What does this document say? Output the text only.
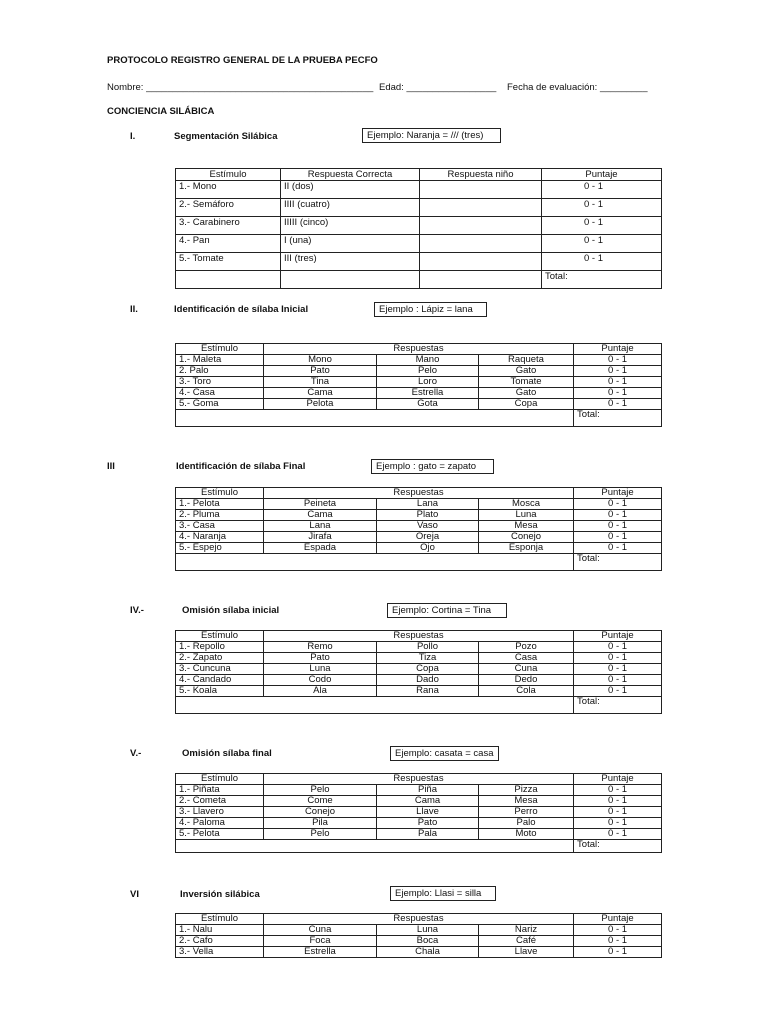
PROTOCOLO REGISTRO GENERAL DE LA PRUEBA PECFO
Nombre: ___________________________________________ Edad: _________________ Fecha de evaluación: _________
CONCIENCIA SILÁBICA
I.	Segmentación Silábica	Ejemplo: Naranja = /// (tres)
Estímulo	Respuesta Correcta	Respuesta niño	Puntaje
1.- Mono	II (dos)		0 - 1
2.- Semáforo	IIII (cuatro)		0 - 1
3.- Carabinero	IIIII (cinco)		0 - 1
4.- Pan	I (una)		0 - 1
5.- Tomate	III (tres)		0 - 1
			Total:
II.	Identificación de sílaba Inicial	Ejemplo : Lápiz = lana
Estímulo	Respuestas			Puntaje
1.- Maleta	Mono	Mano	Raqueta	0 - 1
2. Palo	Pato	Pelo	Gato	0 - 1
3.- Toro	Tina	Loro	Tomate	0 - 1
4.- Casa	Cama	Estrella	Gato	0 - 1
5.- Goma	Pelota	Gota	Copa	0 - 1
				Total:
III	Identificación de sílaba Final	Ejemplo : gato = zapato
Estímulo	Respuestas			Puntaje
1.- Pelota	Peineta	Lana	Mosca	0 - 1
2.- Pluma	Cama	Plato	Luna	0 - 1
3.- Casa	Lana	Vaso	Mesa	0 - 1
4.- Naranja	Jirafa	Oreja	Conejo	0 - 1
5.- Espejo	Espada	Ojo	Esponja	0 - 1
				Total:
IV.-	Omisión sílaba inicial	Ejemplo: Cortina = Tina
Estímulo	Respuestas			Puntaje
1.- Repollo	Remo	Pollo	Pozo	0 - 1
2.- Zapato	Pato	Tiza	Casa	0 - 1
3.- Cuncuna	Luna	Copa	Cuna	0 - 1
4.- Candado	Codo	Dado	Dedo	0 - 1
5.- Koala	Ala	Rana	Cola	0 - 1
				Total:
V.-	Omisión sílaba final	Ejemplo: casata = casa
Estímulo	Respuestas			Puntaje
1.- Piñata	Pelo	Piña	Pizza	0 - 1
2.- Cometa	Come	Cama	Mesa	0 - 1
3.- Llavero	Conejo	Llave	Perro	0 - 1
4.- Paloma	Pila	Pato	Palo	0 - 1
5.- Pelota	Pelo	Pala	Moto	0 - 1
				Total:
VI	Inversión silábica	Ejemplo: Llasi = silla
Estímulo	Respuestas			Puntaje
1.- Nalu	Cuna	Luna	Nariz	0 - 1
2.- Cafo	Foca	Boca	Café	0 - 1
3.- Vella	Estrella	Chala	Llave	0 - 1
